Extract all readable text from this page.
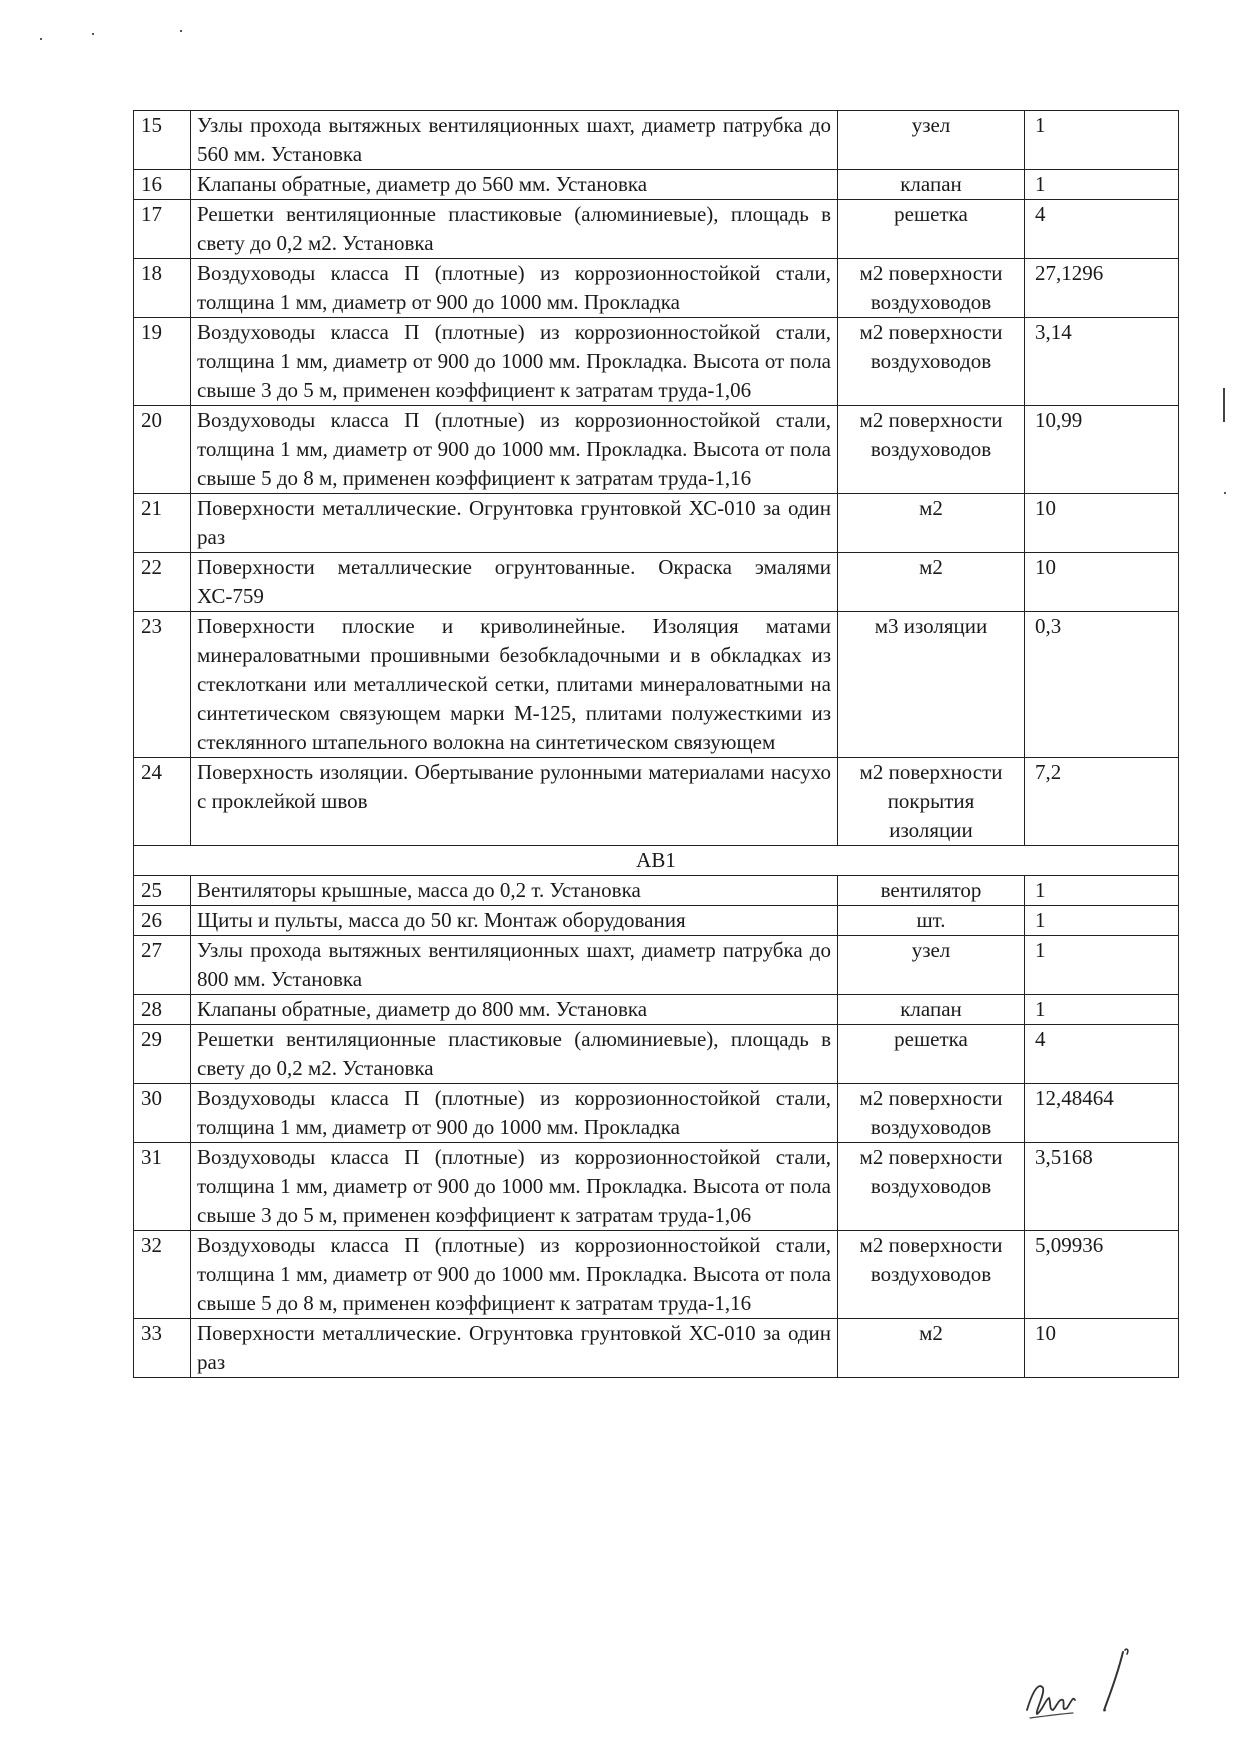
15	Узлы прохода вытяжных вентиляционных шахт, диаметр патрубка до 560 мм. Установка	узел	1
16	Клапаны обратные, диаметр до 560 мм. Установка	клапан	1
17	Решетки вентиляционные пластиковые (алюминиевые), площадь в свету до 0,2 м2. Установка	решетка	4
18	Воздуховоды класса П (плотные) из коррозионностойкой стали, толщина 1 мм, диаметр от 900 до 1000 мм. Прокладка	м2 поверхности воздуховодов	27,1296
19	Воздуховоды класса П (плотные) из коррозионностойкой стали, толщина 1 мм, диаметр от 900 до 1000 мм. Прокладка. Высота от пола свыше 3 до 5 м, применен коэффициент к затратам труда-1,06	м2 поверхности воздуховодов	3,14
20	Воздуховоды класса П (плотные) из коррозионностойкой стали, толщина 1 мм, диаметр от 900 до 1000 мм. Прокладка. Высота от пола свыше 5 до 8 м, применен коэффициент к затратам труда-1,16	м2 поверхности воздуховодов	10,99
21	Поверхности металлические. Огрунтовка грунтовкой ХС-010 за один раз	м2	10
22	Поверхности металлические огрунтованные. Окраска эмалями ХС-759	м2	10
23	Поверхности плоские и криволинейные. Изоляция матами минераловатными прошивными безобкладочными и в обкладках из стеклоткани или металлической сетки, плитами минераловатными на синтетическом связующем марки М-125, плитами полужесткими из стеклянного штапельного волокна на синтетическом связующем	м3 изоляции	0,3
24	Поверхность изоляции. Обертывание рулонными материалами насухо с проклейкой швов	м2 поверхности покрытия изоляции	7,2
АВ1			
25	Вентиляторы крышные, масса до 0,2 т. Установка	вентилятор	1
26	Щиты и пульты, масса до 50 кг. Монтаж оборудования	шт.	1
27	Узлы прохода вытяжных вентиляционных шахт, диаметр патрубка до 800 мм. Установка	узел	1
28	Клапаны обратные, диаметр до 800 мм. Установка	клапан	1
29	Решетки вентиляционные пластиковые (алюминиевые), площадь в свету до 0,2 м2. Установка	решетка	4
30	Воздуховоды класса П (плотные) из коррозионностойкой стали, толщина 1 мм, диаметр от 900 до 1000 мм. Прокладка	м2 поверхности воздуховодов	12,48464
31	Воздуховоды класса П (плотные) из коррозионностойкой стали, толщина 1 мм, диаметр от 900 до 1000 мм. Прокладка. Высота от пола свыше 3 до 5 м, применен коэффициент к затратам труда-1,06	м2 поверхности воздуховодов	3,5168
32	Воздуховоды класса П (плотные) из коррозионностойкой стали, толщина 1 мм, диаметр от 900 до 1000 мм. Прокладка. Высота от пола свыше 5 до 8 м, применен коэффициент к затратам труда-1,16	м2 поверхности воздуховодов	5,09936
33	Поверхности металлические. Огрунтовка грунтовкой ХС-010 за один раз	м2	10
